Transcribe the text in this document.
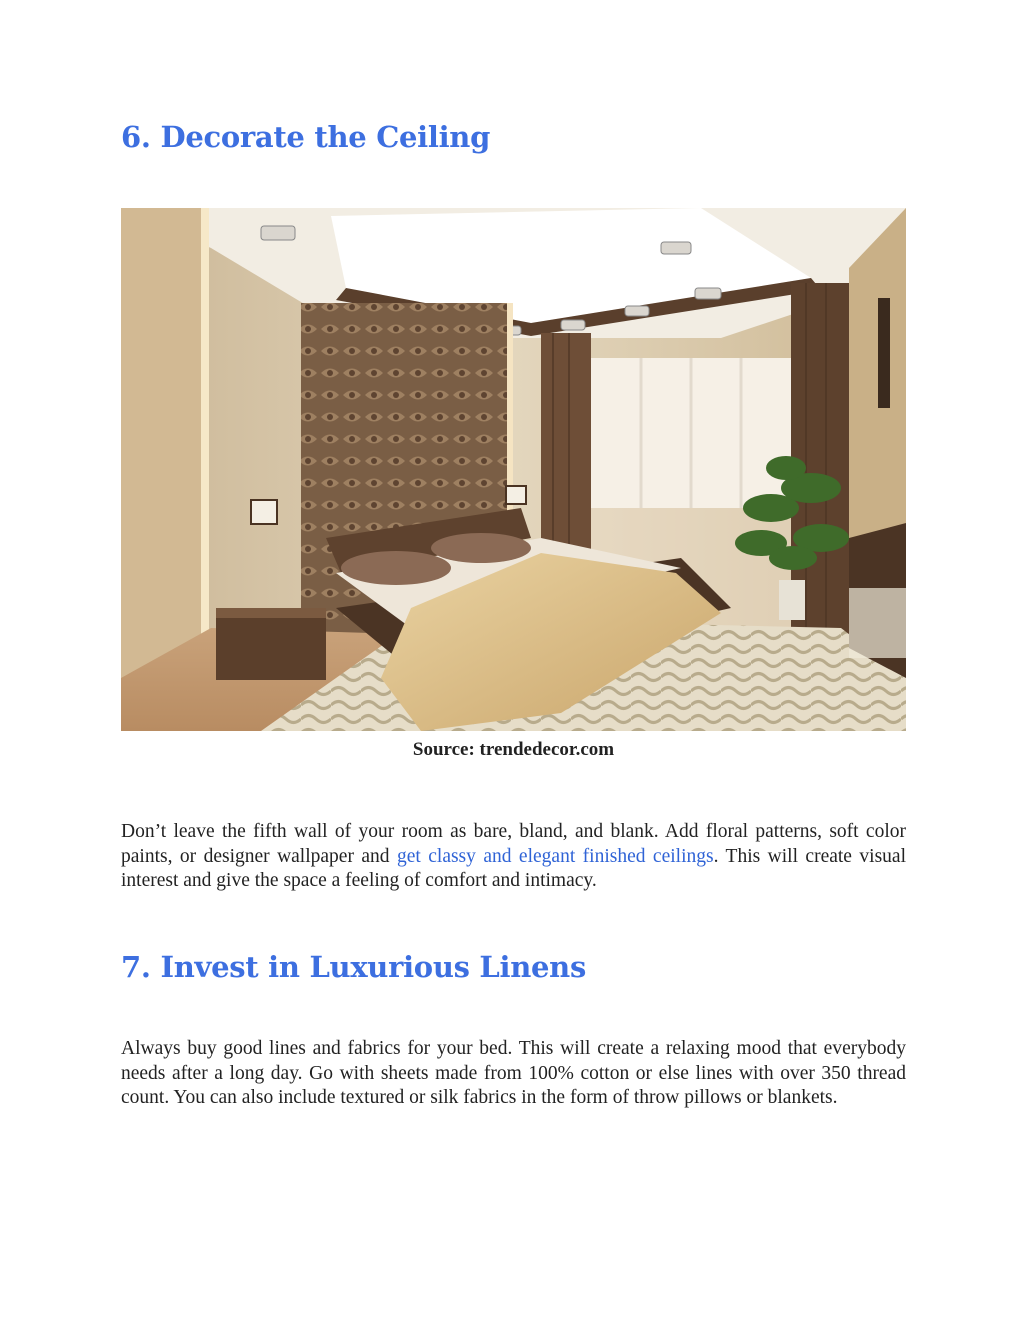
6. Decorate the Ceiling
Source: trendedecor.com

Don’t leave the fifth wall of your room as bare, bland, and blank. Add floral patterns, soft color paints, or designer wallpaper and get classy and elegant finished ceilings. This will create visual interest and give the space a feeling of comfort and intimacy.

7. Invest in Luxurious Linens

Always buy good lines and fabrics for your bed. This will create a relaxing mood that everybody needs after a long day. Go with sheets made from 100% cotton or else lines with over 350 thread count. You can also include textured or silk fabrics in the form of throw pillows or blankets.
